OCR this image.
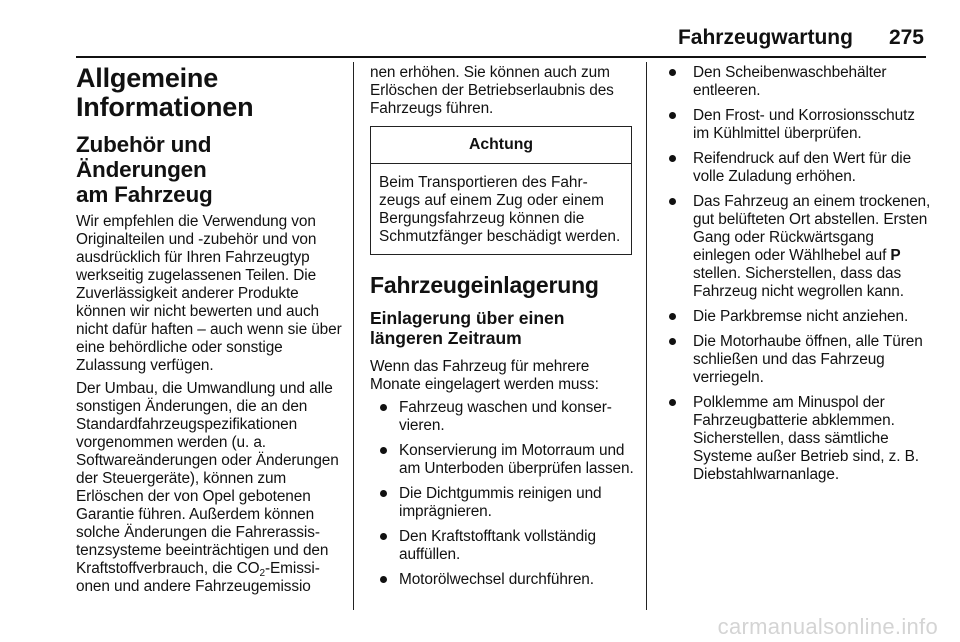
Fahrzeugwartung 275
Allgemeine
Informationen
Zubehör und Änderungen
am Fahrzeug

Wir empfehlen die Verwendung von Originalteilen und -zubehör und von ausdrücklich für Ihren Fahrzeugtyp werkseitig zugelassenen Teilen. Die Zuverlässigkeit anderer Produkte können wir nicht bewerten und auch nicht dafür haften – auch wenn sie über eine behördliche oder sonstige Zulassung verfügen.

Der Umbau, die Umwandlung und alle sonstigen Änderungen, die an den Standardfahrzeugspezifikationen vorgenommen werden (u. a. Softwareänderungen oder Änderungen der Steuergeräte), können zum Erlöschen der von Opel gebotenen Garantie führen. Außerdem können solche Änderungen die Fahrerassistenzsysteme beeinträchtigen und den Kraftstoffverbrauch, die $CO_2$-Emissionen und andere Fahrzeugemissio

nen erhöhen. Sie können auch zum Erlöschen der Betriebserlaubnis des Fahrzeugs führen.

Achtung
Beim Transportieren des Fahrzeugs auf einem Zug oder einem Bergungsfahrzeug können die Schmutzfänger beschädigt werden.
Fahrzeugeinlagerung
Einlagerung über einen längeren Zeitraum

Wenn das Fahrzeug für mehrere Monate eingelagert werden muss:

Fahrzeug waschen und konservieren.
Konservierung im Motorraum und am Unterboden überprüfen lassen.
Die Dichtgummis reinigen und imprägnieren.
Den Kraftstofftank vollständig auffüllen.
Motorölwechsel durchführen.
Den Scheibenwaschbehälter entleeren.
Den Frost- und Korrosionsschutz im Kühlmittel überprüfen.
Reifendruck auf den Wert für die volle Zuladung erhöhen.
Das Fahrzeug an einem trockenen, gut belüfteten Ort abstellen. Ersten Gang oder Rückwärtsgang einlegen oder Wählhebel auf P stellen. Sicherstellen, dass das Fahrzeug nicht wegrollen kann.
Die Parkbremse nicht anziehen.
Die Motorhaube öffnen, alle Türen schließen und das Fahrzeug verriegeln.
Polklemme am Minuspol der Fahrzeugbatterie abklemmen. Sicherstellen, dass sämtliche Systeme außer Betrieb sind, z. B. Diebstahlwarnanlage.
carmanualsonline.info
